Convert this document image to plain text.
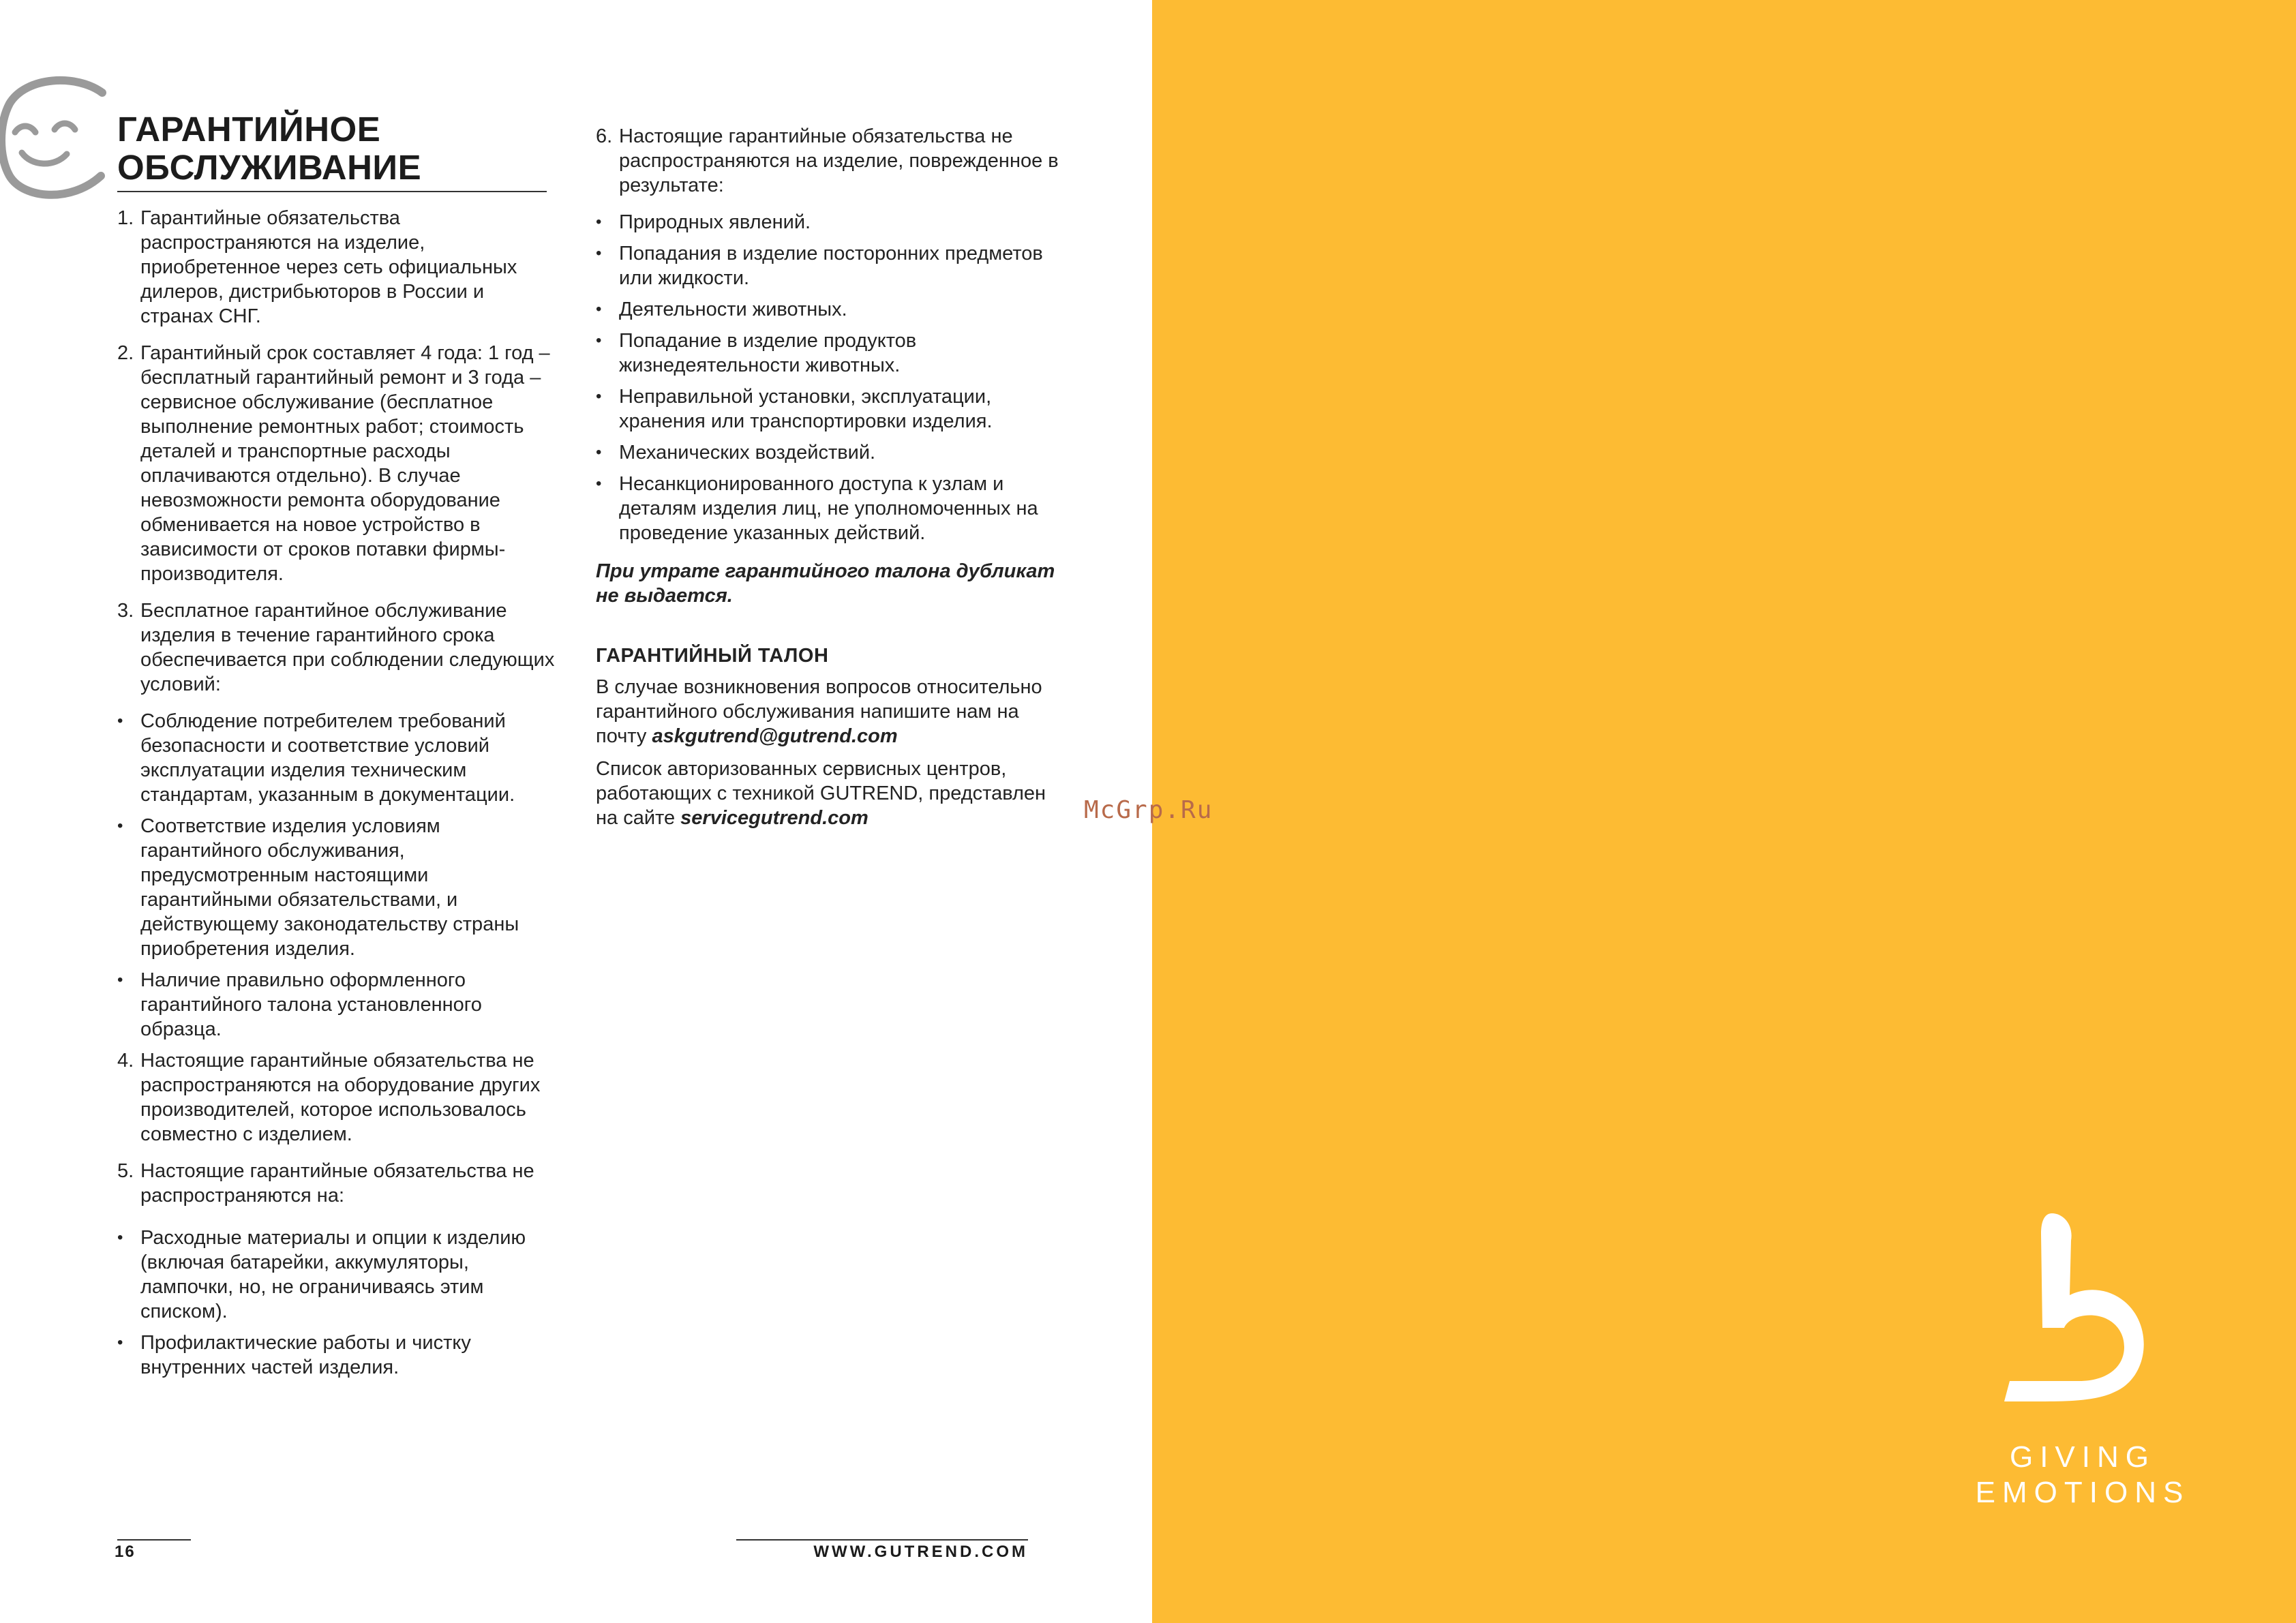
ГАРАНТИЙНОЕ
ОБСЛУЖИВАНИЕ
1. Гарантийные обязательства распространяются на изделие, приобретенное через сеть официальных дилеров, дистрибьюторов в России и странах СНГ.
2. Гарантийный срок составляет 4 года: 1 год – бесплатный гарантийный ремонт и 3 года – сервисное обслуживание (бесплатное выполнение ремонтных работ; стоимость деталей и транспортные расходы оплачиваются отдельно). В случае невозможности ремонта оборудование обменивается на новое устройство в зависимости от сроков потавки фирмы-производителя.
3. Бесплатное гарантийное обслуживание изделия в течение гарантийного срока обеспечивается при соблюдении следующих условий:
• Соблюдение потребителем требований безопасности и соответствие условий эксплуатации изделия техническим стандартам, указанным в документации.
• Соответствие изделия условиям гарантийного обслуживания, предусмотренным настоящими гарантийными обязательствами, и действующему законодательству страны приобретения изделия.
• Наличие правильно оформленного гарантийного талона установленного образца.
4. Настоящие гарантийные обязательства не распространяются на оборудование других производителей, которое использовалось совместно с изделием.
5. Настоящие гарантийные обязательства не распространяются на:
• Расходные материалы и опции к изделию (включая батарейки, аккумуляторы, лампочки, но, не ограничиваясь этим списком).
• Профилактические работы и чистку внутренних частей изделия.
6. Настоящие гарантийные обязательства не распространяются на изделие, поврежденное в результате:
• Природных явлений.
• Попадания в изделие посторонних предметов или жидкости.
• Деятельности животных.
• Попадание в изделие продуктов жизнедеятельности животных.
• Неправильной установки, эксплуатации, хранения или транспортировки изделия.
• Механических воздействий.
• Несанкционированного доступа к узлам и деталям изделия лиц, не уполномоченных на проведение указанных действий.

При утрате гарантийного талона дубликат не выдается.

ГАРАНТИЙНЫЙ ТАЛОН

В случае возникновения вопросов относительно гарантийного обслуживания напишите нам на почту askgutrend@gutrend.com

Список авторизованных сервисных центров, работающих с техникой GUTREND, представлен на сайте servicegutrend.com

16	WWW.GUTREND.COM
McGrp.Ru
GIVING
EMOTIONS
